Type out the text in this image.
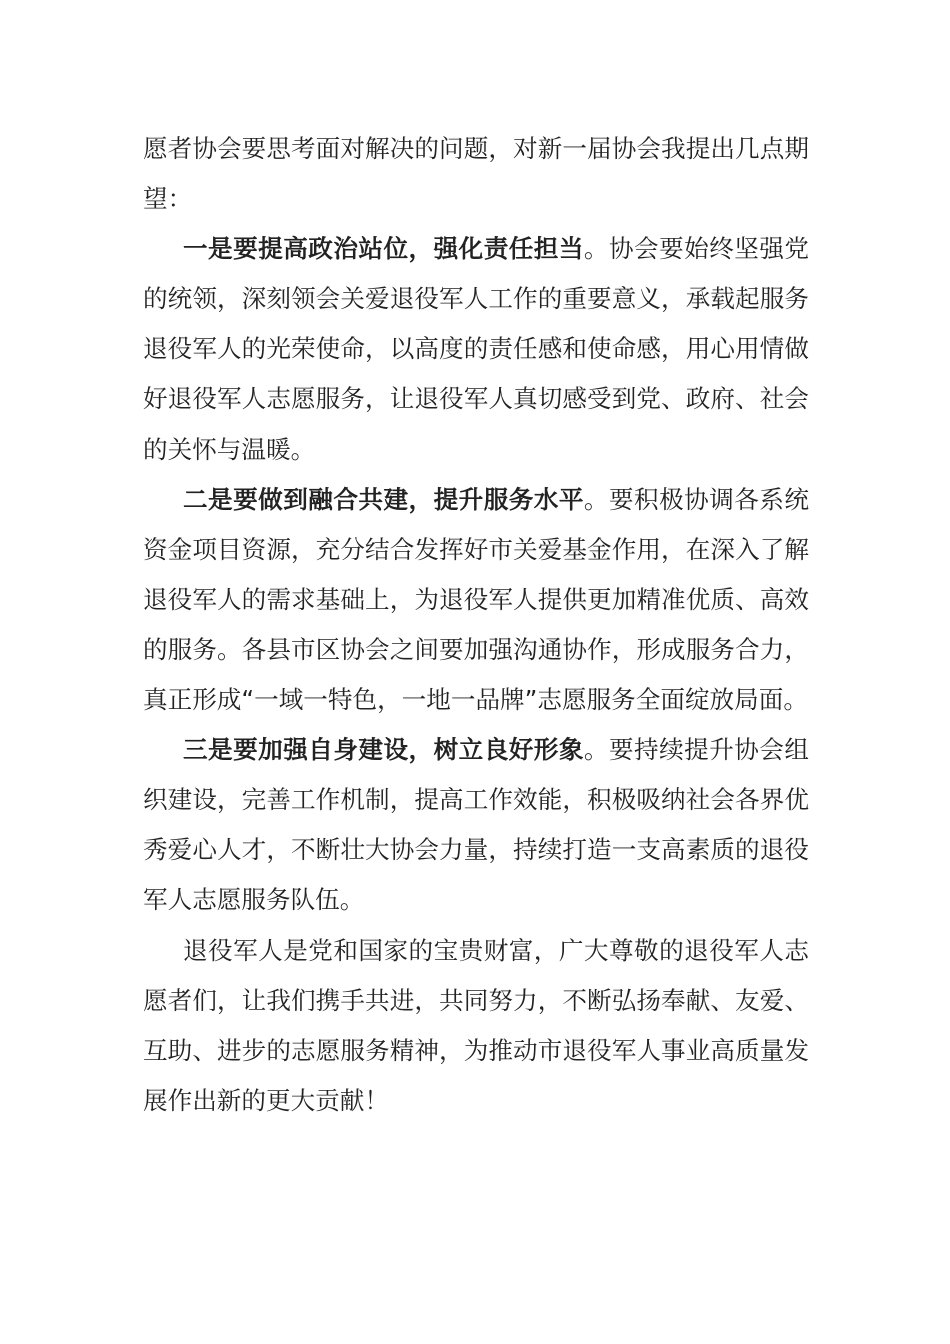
愿者协会要思考面对解决的问题，对新一届协会我提出几点期望：

一是要提高政治站位，强化责任担当。协会要始终坚强党的统领，深刻领会关爱退役军人工作的重要意义，承载起服务退役军人的光荣使命，以高度的责任感和使命感，用心用情做好退役军人志愿服务，让退役军人真切感受到党、政府、社会的关怀与温暖。

二是要做到融合共建，提升服务水平。要积极协调各系统资金项目资源，充分结合发挥好市关爱基金作用，在深入了解退役军人的需求基础上，为退役军人提供更加精准优质、高效的服务。各县市区协会之间要加强沟通协作，形成服务合力，真正形成“一域一特色，一地一品牌”志愿服务全面绽放局面。

三是要加强自身建设，树立良好形象。要持续提升协会组织建设，完善工作机制，提高工作效能，积极吸纳社会各界优秀爱心人才，不断壮大协会力量，持续打造一支高素质的退役军人志愿服务队伍。

退役军人是党和国家的宝贵财富，广大尊敬的退役军人志愿者们，让我们携手共进，共同努力，不断弘扬奉献、友爱、互助、进步的志愿服务精神，为推动市退役军人事业高质量发展作出新的更大贡献！
